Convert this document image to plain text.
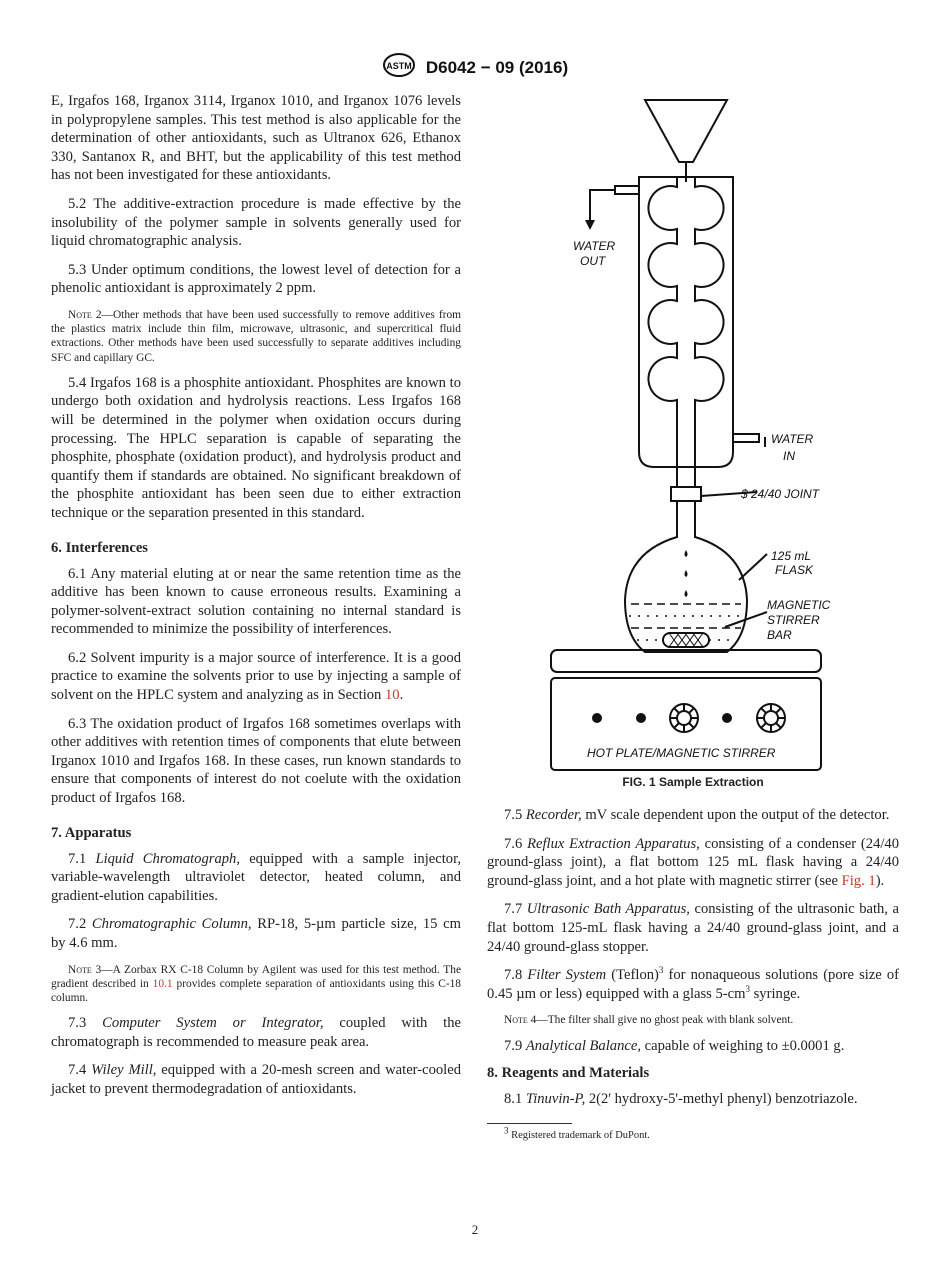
ASTM D6042 − 09 (2016)

E, Irgafos 168, Irganox 3114, Irganox 1010, and Irganox 1076 levels in polypropylene samples. This test method is also applicable for the determination of other antioxidants, such as Ultranox 626, Ethanox 330, Santanox R, and BHT, but the applicability of this test method has not been investigated for these antioxidants.

5.2 The additive-extraction procedure is made effective by the insolubility of the polymer sample in solvents generally used for liquid chromatographic analysis.

5.3 Under optimum conditions, the lowest level of detection for a phenolic antioxidant is approximately 2 ppm.

Note 2—Other methods that have been used successfully to remove additives from the plastics matrix include thin film, microwave, ultrasonic, and supercritical fluid extractions. Other methods have been used successfully to separate additives including SFC and capillary GC.

5.4 Irgafos 168 is a phosphite antioxidant. Phosphites are known to undergo both oxidation and hydrolysis reactions. Less Irgafos 168 will be determined in the polymer when oxidation occurs during processing. The HPLC separation is capable of separating the phosphite, phosphate (oxidation product), and hydrolysis product and quantify them if standards are obtained. No significant breakdown of the phosphite antioxidant has been seen due to either extraction technique or the separation presented in this standard.

6. Interferences

6.1 Any material eluting at or near the same retention time as the additive has been known to cause erroneous results. Examining a polymer-solvent-extract solution containing no internal standard is recommended to minimize the possibility of interferences.

6.2 Solvent impurity is a major source of interference. It is a good practice to examine the solvents prior to use by injecting a sample of solvent on the HPLC system and analyzing as in Section 10.

6.3 The oxidation product of Irgafos 168 sometimes overlaps with other additives with retention times of components that elute between Irganox 1010 and Irgafos 168. In these cases, run known standards to ensure that components of interest do not coelute with the oxidation product of Irgafos 168.

7. Apparatus

7.1 Liquid Chromatograph, equipped with a sample injector, variable-wavelength ultraviolet detector, heated column, and gradient-elution capabilities.

7.2 Chromatographic Column, RP-18, 5-µm particle size, 15 cm by 4.6 mm.

Note 3—A Zorbax RX C-18 Column by Agilent was used for this test method. The gradient described in 10.1 provides complete separation of antioxidants using this C-18 column.

7.3 Computer System or Integrator, coupled with the chromatograph is recommended to measure peak area.

7.4 Wiley Mill, equipped with a 20-mesh screen and water-cooled jacket to prevent thermodegradation of antioxidants.

WATER
OUT
WATER
IN
$ 24/40 JOINT
125 mL
FLASK
MAGNETIC
STIRRER
BAR
HOT PLATE/MAGNETIC STIRRER
FIG. 1 Sample Extraction

7.5 Recorder, mV scale dependent upon the output of the detector.

7.6 Reflux Extraction Apparatus, consisting of a condenser (24/40 ground-glass joint), a flat bottom 125 mL flask having a 24/40 ground-glass joint, and a hot plate with magnetic stirrer (see Fig. 1).

7.7 Ultrasonic Bath Apparatus, consisting of the ultrasonic bath, a flat bottom 125-mL flask having a 24/40 ground-glass joint, and a 24/40 ground-glass stopper.

7.8 Filter System (Teflon)$^3$ for nonaqueous solutions (pore size of 0.45 µm or less) equipped with a glass $5-cm^3$ syringe.

Note 4—The filter shall give no ghost peak with blank solvent.

7.9 Analytical Balance, capable of weighing to ±0.0001 g.

8. Reagents and Materials

8.1 Tinuvin-P, 2(2' hydroxy-5'-methyl phenyl) benzotriazole.

$^3$ Registered trademark of DuPont.
2
